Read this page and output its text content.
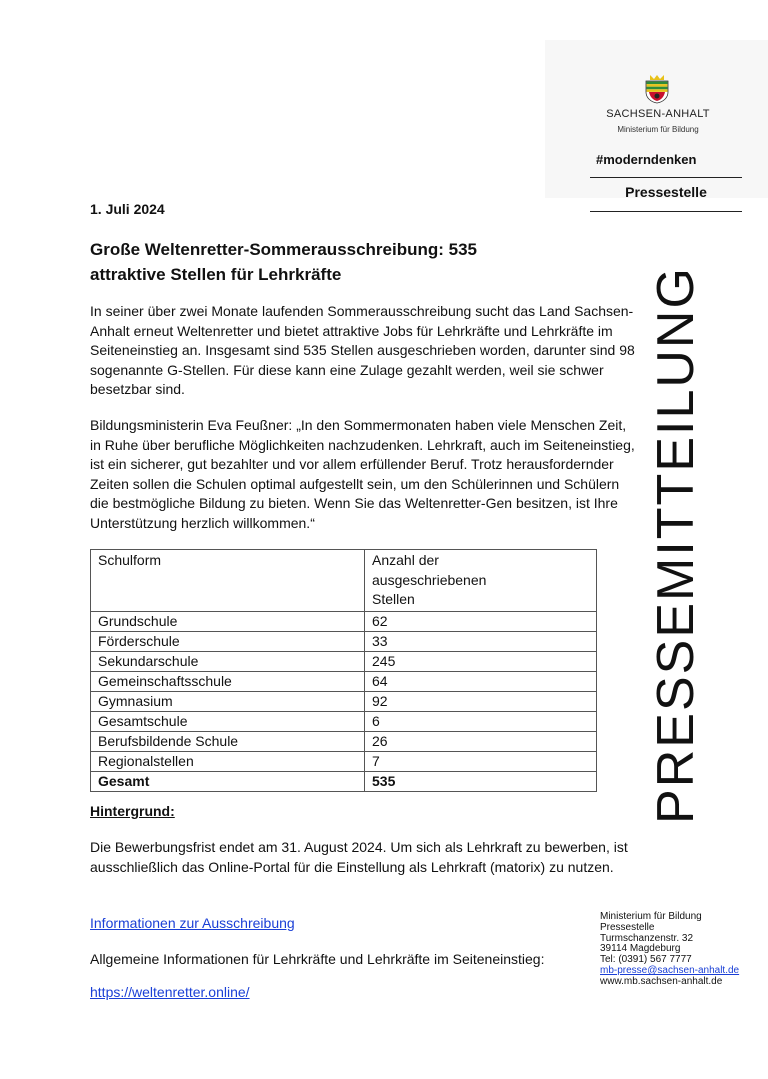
SACHSEN-ANHALT
Ministerium für Bildung
#moderndenken
Pressestelle
1. Juli 2024
Große Weltenretter-Sommerausschreibung: 535 attraktive Stellen für Lehrkräfte
In seiner über zwei Monate laufenden Sommerausschreibung sucht das Land Sachsen-Anhalt erneut Weltenretter und bietet attraktive Jobs für Lehrkräfte und Lehrkräfte im Seiteneinstieg an. Insgesamt sind 535 Stellen ausgeschrieben worden, darunter sind 98 sogenannte G-Stellen. Für diese kann eine Zulage gezahlt werden, weil sie schwer besetzbar sind.
Bildungsministerin Eva Feußner: „In den Sommermonaten haben viele Menschen Zeit, in Ruhe über berufliche Möglichkeiten nachzudenken. Lehrkraft, auch im Seiteneinstieg, ist ein sicherer, gut bezahlter und vor allem erfüllender Beruf. Trotz herausfordernder Zeiten sollen die Schulen optimal aufgestellt sein, um den Schülerinnen und Schülern die bestmögliche Bildung zu bieten. Wenn Sie das Weltenretter-Gen besitzen, ist Ihre Unterstützung herzlich willkommen.“
Schulform	Anzahl der ausgeschriebenen Stellen

Grundschule	62
Förderschule	33
Sekundarschule	245
Gemeinschaftsschule	64
Gymnasium	92
Gesamtschule	6
Berufsbildende Schule	26
Regionalstellen	7
Gesamt	535
Hintergrund:
Die Bewerbungsfrist endet am 31. August 2024. Um sich als Lehrkraft zu bewerben, ist ausschließlich das Online-Portal für die Einstellung als Lehrkraft (matorix) zu nutzen.
Informationen zur Ausschreibung
Allgemeine Informationen für Lehrkräfte und Lehrkräfte im Seiteneinstieg:
https://weltenretter.online/
PRESSEMITTEILUNG
Ministerium für Bildung
Pressestelle
Turmschanzenstr. 32
39114 Magdeburg
Tel: (0391) 567 7777
mb-presse@sachsen-anhalt.de
www.mb.sachsen-anhalt.de
